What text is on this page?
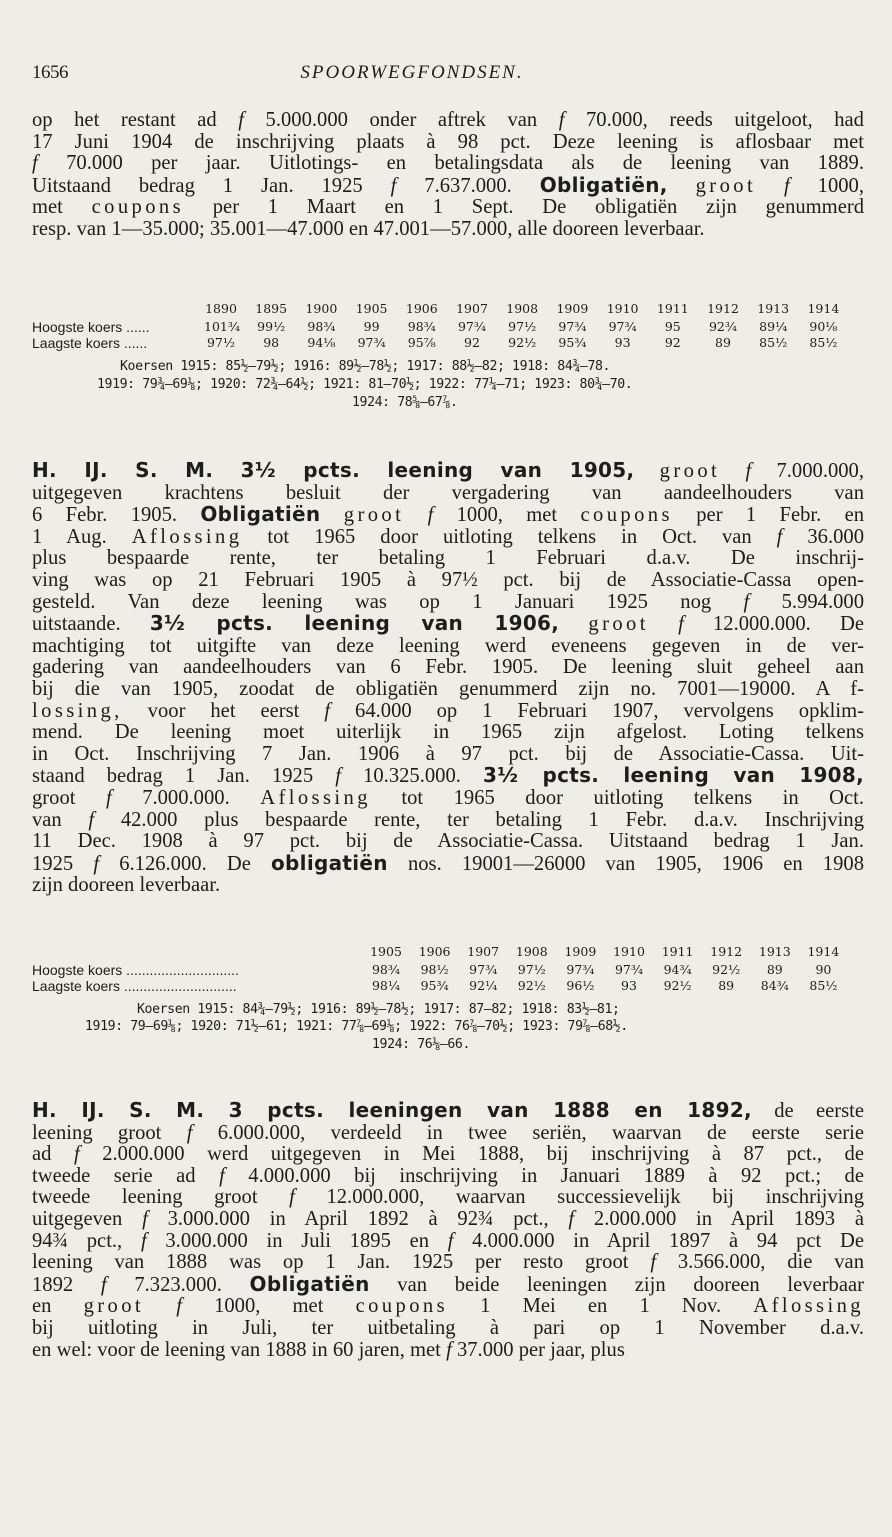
1656	SPOORWEGFONDSEN.
op het restant ad f 5.000.000 onder aftrek van f 70.000, reeds uitgeloot, had
17 Juni 1904 de inschrijving plaats à 98 pct. Deze leening is aflosbaar met
f 70.000 per jaar. Uitlotings- en betalingsdata als de leening van 1889.
Uitstaand bedrag 1 Jan. 1925 f 7.637.000. Obligatiën, groot f 1000,
met coupons per 1 Maart en 1 Sept. De obligatiën zijn genummerd
resp. van 1—35.000; 35.001—47.000 en 47.001—57.000, alle dooreen leverbaar.
1890 1895 1900 1905 1906 1907 1908 1909 1910 1911 1912 1913 1914
Hoogste koers ......	101¾ 99½ 98¾	99	98¾ 97¾ 97½ 97¾ 97¾	95	92¾ 89¼ 90⅛
Laagste koers ......	97½	98	94⅛ 97¾ 95⅞	92	92½ 95¾	93	92	89	85½ 85½
Koersen 1915: 85½—79½; 1916: 89½—78½; 1917: 88½—82; 1918: 84¾—78.
1919: 79¾—69⅛; 1920: 72¾—64½; 1921: 81—70½; 1922: 77¼—71; 1923: 80¾—70.
1924: 78⅝—67⅞.
H. IJ. S. M. 3½ pcts. leening van 1905, groot f 7.000.000,
uitgegeven krachtens besluit der vergadering van aandeelhouders van
6 Febr. 1905. Obligatiën groot f 1000, met coupons per 1 Febr. en
1 Aug. Aflossing tot 1965 door uitloting telkens in Oct. van f 36.000
plus bespaarde rente, ter betaling 1 Februari d.a.v. De inschrij-
ving was op 21 Februari 1905 à 97½ pct. bij de Associatie-Cassa open-
gesteld. Van deze leening was op 1 Januari 1925 nog f 5.994.000
uitstaande. 3½ pcts. leening van 1906, groot f 12.000.000. De
machtiging tot uitgifte van deze leening werd eveneens gegeven in de ver-
gadering van aandeelhouders van 6 Febr. 1905. De leening sluit geheel aan
bij die van 1905, zoodat de obligatiën genummerd zijn no. 7001—19000. A f-
lossing, voor het eerst f 64.000 op 1 Februari 1907, vervolgens opklim-
mend. De leening moet uiterlijk in 1965 zijn afgelost. Loting telkens
in Oct. Inschrijving 7 Jan. 1906 à 97 pct. bij de Associatie-Cassa. Uit-
staand bedrag 1 Jan. 1925 f 10.325.000. 3½ pcts. leening van 1908,
groot f 7.000.000. Aflossing tot 1965 door uitloting telkens in Oct.
van f 42.000 plus bespaarde rente, ter betaling 1 Febr. d.a.v. Inschrijving
11 Dec. 1908 à 97 pct. bij de Associatie-Cassa. Uitstaand bedrag 1 Jan.
1925 f 6.126.000. De obligatiën nos. 19001—26000 van 1905, 1906 en 1908
zijn dooreen leverbaar.
1905 1906 1907 1908 1909 1910 1911 1912 1913 1914
Hoogste koers .............................	98¾ 98½ 97¾ 97½ 97¾ 97¾ 94¾ 92½	89	90
Laagste koers .............................	98¼ 95¾ 92¼ 92½ 96½	93	92½	89	84¾ 85½
Koersen 1915: 84¾—79½; 1916: 89½—78½; 1917: 87—82; 1918: 83½—81;
1919: 79—69⅛; 1920: 71½—61; 1921: 77⅞—69⅛; 1922: 76⅞—70½; 1923: 79⅞—68½.
1924: 76⅛—66.
H. IJ. S. M. 3 pcts. leeningen van 1888 en 1892, de eerste
leening groot f 6.000.000, verdeeld in twee seriën, waarvan de eerste serie
ad f 2.000.000 werd uitgegeven in Mei 1888, bij inschrijving à 87 pct., de
tweede serie ad f 4.000.000 bij inschrijving in Januari 1889 à 92 pct.; de
tweede leening groot f 12.000.000, waarvan successievelijk bij inschrijving
uitgegeven f 3.000.000 in April 1892 à 92¾ pct., f 2.000.000 in April 1893 à
94¾ pct., f 3.000.000 in Juli 1895 en f 4.000.000 in April 1897 à 94 pct De
leening van 1888 was op 1 Jan. 1925 per resto groot f 3.566.000, die van
1892 f 7.323.000. Obligatiën van beide leeningen zijn dooreen leverbaar
en groot f 1000, met coupons 1 Mei en 1 Nov. Aflossing
bij uitloting in Juli, ter uitbetaling à pari op 1 November d.a.v.
en wel: voor de leening van 1888 in 60 jaren, met f 37.000 per jaar, plus
